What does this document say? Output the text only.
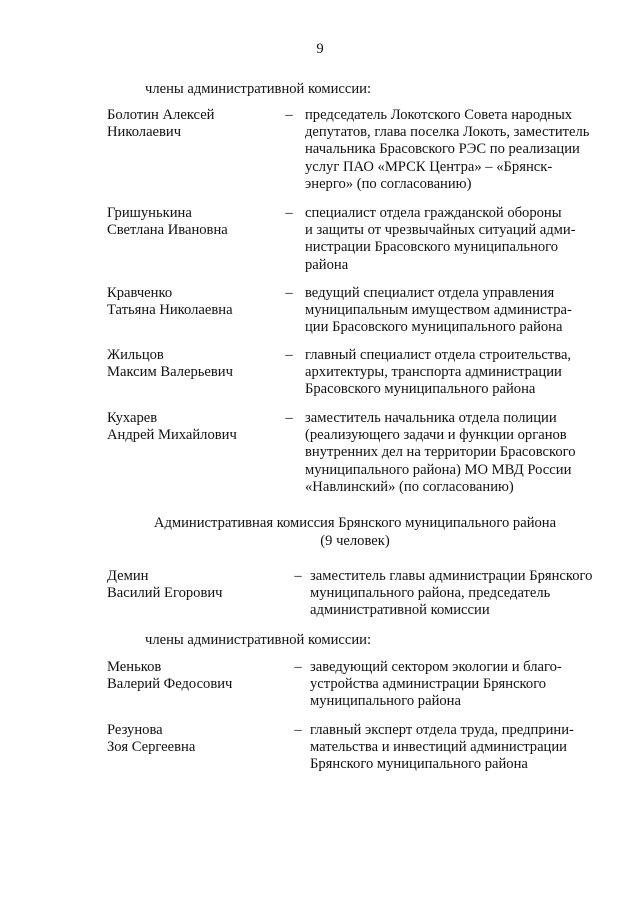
9
члены административной комиссии:
Болотин Алексей
Николаевич
– председатель Локотского Совета народных
депутатов, глава поселка Локоть, заместитель
начальника Брасовского РЭС по реализации
услуг ПАО «МРСК Центра» – «Брянск-
энерго» (по согласованию)
Гришунькина
Светлана Ивановна
– специалист отдела гражданской обороны
и защиты от чрезвычайных ситуаций адми-
нистрации Брасовского муниципального
района
Кравченко
Татьяна Николаевна
– ведущий специалист отдела управления
муниципальным имуществом администра-
ции Брасовского муниципального района
Жильцов
Максим Валерьевич
– главный специалист отдела строительства,
архитектуры, транспорта администрации
Брасовского муниципального района
Кухарев
Андрей Михайлович
– заместитель начальника отдела полиции
(реализующего задачи и функции органов
внутренних дел на территории Брасовского
муниципального района) МО МВД России
«Навлинский» (по согласованию)
Административная комиссия Брянского муниципального района
(9 человек)
Демин
Василий Егорович
– заместитель главы администрации Брянского
муниципального района, председатель
административной комиссии
члены административной комиссии:
Меньков
Валерий Федосович
– заведующий сектором экологии и благо-
устройства администрации Брянского
муниципального района
Резунова
Зоя Сергеевна
– главный эксперт отдела труда, предприни-
мательства и инвестиций администрации
Брянского муниципального района
